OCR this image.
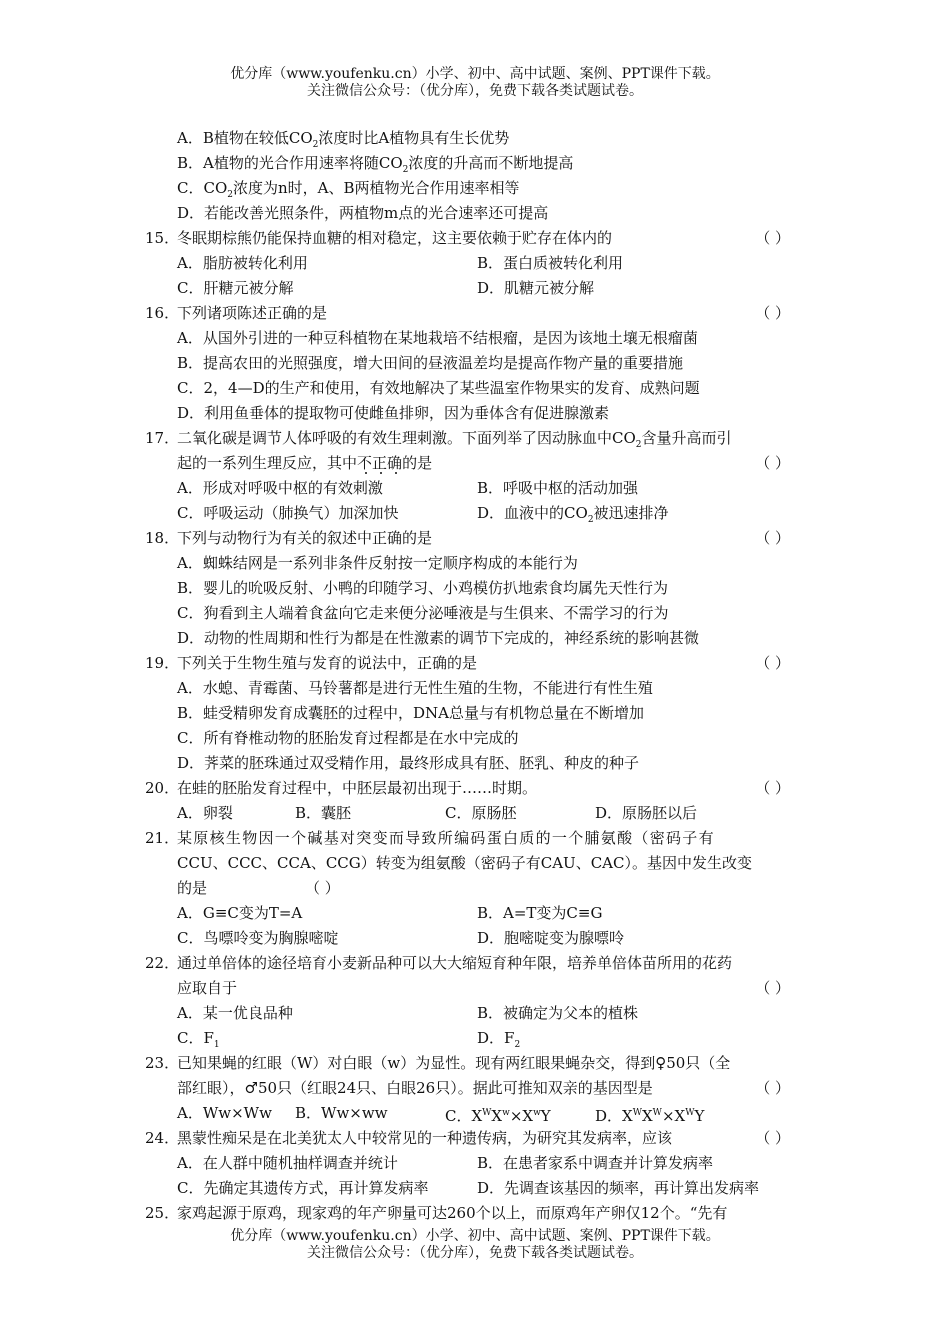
优分库（www.youfenku.cn）小学、初中、高中试题、案例、PPT课件下载。
关注微信公众号：（优分库），免费下载各类试题试卷。
A．B植物在较低$CO_2$浓度时比A植物具有生长优势
B．A植物的光合作用速率将随$CO_2$浓度的升高而不断地提高
C．$CO_2$浓度为n时，A、B两植物光合作用速率相等
D．若能改善光照条件，两植物m点的光合速率还可提高
15．冬眠期棕熊仍能保持血糖的相对稳定，这主要依赖于贮存在体内的	（ ）
A．脂肪被转化利用	B．蛋白质被转化利用
C．肝糖元被分解	D．肌糖元被分解
16．下列诸项陈述正确的是	（ ）
A．从国外引进的一种豆科植物在某地栽培不结根瘤，是因为该地土壤无根瘤菌
B．提高农田的光照强度，增大田间的昼液温差均是提高作物产量的重要措施
C．2，4—D的生产和使用，有效地解决了某些温室作物果实的发育、成熟问题
D．利用鱼垂体的提取物可使雌鱼排卵，因为垂体含有促进腺激素
17．二氧化碳是调节人体呼吸的有效生理刺激。下面列举了因动脉血中$CO_2$含量升高而引
起的一系列生理反应，其中不正确的是	（ ）
A．形成对呼吸中枢的有效刺激	B．呼吸中枢的活动加强
C．呼吸运动（肺换气）加深加快	D．血液中的$CO_2$被迅速排净
18．下列与动物行为有关的叙述中正确的是	（ ）
A．蜘蛛结网是一系列非条件反射按一定顺序构成的本能行为
B．婴儿的吮吸反射、小鸭的印随学习、小鸡模仿扒地索食均属先天性行为
C．狗看到主人端着食盆向它走来便分泌唾液是与生俱来、不需学习的行为
D．动物的性周期和性行为都是在性激素的调节下完成的，神经系统的影响甚微
19．下列关于生物生殖与发育的说法中，正确的是	（ ）
A．水螅、青霉菌、马铃薯都是进行无性生殖的生物，不能进行有性生殖
B．蛙受精卵发育成囊胚的过程中，DNA总量与有机物总量在不断增加
C．所有脊椎动物的胚胎发育过程都是在水中完成的
D．荠菜的胚珠通过双受精作用，最终形成具有胚、胚乳、种皮的种子
20．在蛙的胚胎发育过程中，中胚层最初出现于……时期。	（ ）
A．卵裂	B．囊胚	C．原肠胚	D．原肠胚以后
21．某原核生物因一个碱基对突变而导致所编码蛋白质的一个脯氨酸（密码子有
CCU、CCC、CCA、CCG）转变为组氨酸（密码子有CAU、CAC）。基因中发生改变
的是	（ ）
A．G≡C变为T=A	B．A=T变为C≡G
C．鸟嘌呤变为胸腺嘧啶	D．胞嘧啶变为腺嘌呤
22．通过单倍体的途径培育小麦新品种可以大大缩短育种年限，培养单倍体苗所用的花药
应取自于	（ ）
A．某一优良品种	B．被确定为父本的植株
C．$F_1$	D．$F_2$
23．已知果蝇的红眼（W）对白眼（w）为显性。现有两红眼果蝇杂交，得到♀50只（全
部红眼），♂50只（红眼24只、白眼26只）。据此可推知双亲的基因型是	（ ）
A．Ww×Ww B．Ww×ww	C．$X^WX^w\times X^wY$	D．$X^WX^W\times X^WY$
24．黑蒙性痴呆是在北美犹太人中较常见的一种遗传病，为研究其发病率，应该	（ ）
A．在人群中随机抽样调查并统计	B．在患者家系中调查并计算发病率
C．先确定其遗传方式，再计算发病率	D．先调查该基因的频率，再计算出发病率
25．家鸡起源于原鸡，现家鸡的年产卵量可达260个以上，而原鸡年产卵仅12个。“先有
优分库（www.youfenku.cn）小学、初中、高中试题、案例、PPT课件下载。
关注微信公众号：（优分库），免费下载各类试题试卷。
